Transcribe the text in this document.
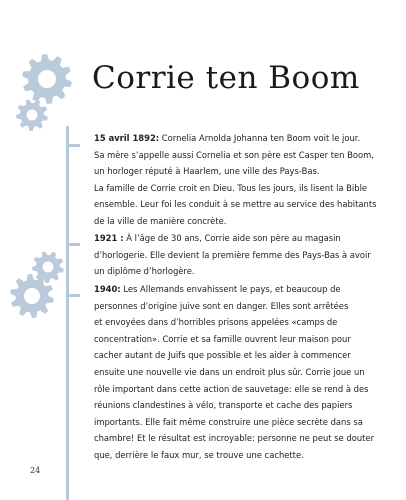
Corrie ten Boom

15 avril 1892: Cornelia Arnolda Johanna ten Boom voit le jour.
Sa mère s’appelle aussi Cornelia et son père est Casper ten Boom,
un horloger réputé à Haarlem, une ville des Pays-Bas.
La famille de Corrie croit en Dieu. Tous les jours, ils lisent la Bible
ensemble. Leur foi les conduit à se mettre au service des habitants
de la ville de manière concrète.

1921 : À l’âge de 30 ans, Corrie aide son père au magasin
d’horlogerie. Elle devient la première femme des Pays-Bas à avoir
un diplôme d’horlogère.

1940: Les Allemands envahissent le pays, et beaucoup de
personnes d’origine juive sont en danger. Elles sont arrêtées
et envoyées dans d’horribles prisons appelées «camps de
concentration». Corrie et sa famille ouvrent leur maison pour
cacher autant de Juifs que possible et les aider à commencer
ensuite une nouvelle vie dans un endroit plus sûr. Corrie joue un
rôle important dans cette action de sauvetage: elle se rend à des
réunions clandestines à vélo, transporte et cache des papiers
importants. Elle fait même construire une pièce secrète dans sa
chambre! Et le résultat est incroyable: personne ne peut se douter
que, derrière le faux mur, se trouve une cachette.

24
